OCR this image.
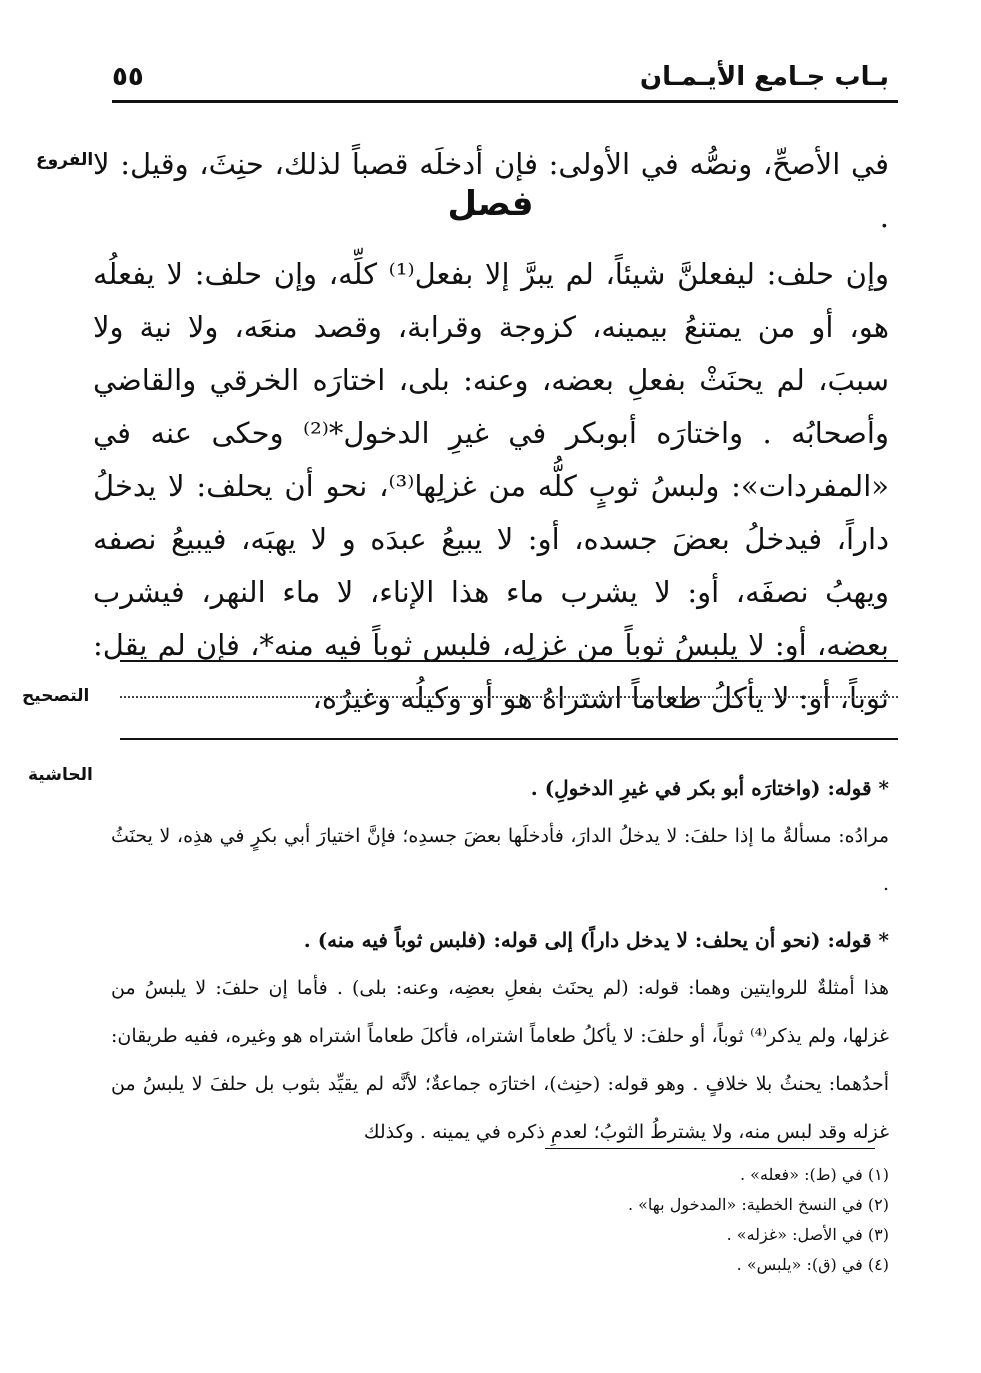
بـاب جـامع الأيـمـان
٥٥
الفروع
التصحيح
الحاشية

في الأصحِّ، ونصُّه في الأولى: فإن أدخلَه قصباً لذلك، حنِثَ، وقيل: لا .

فصل

وإن حلف: ليفعلنَّ شيئاً، لم يبرَّ إلا بفعل⁽¹⁾ كلِّه، وإن حلف: لا يفعلُه هو، أو من يمتنعُ بيمينه، كزوجة وقرابة، وقصد منعَه، ولا نية ولا سببَ، لم يحنَثْ بفعلِ بعضه، وعنه: بلى، اختارَه الخرقي والقاضي وأصحابُه . واختارَه أبوبكر في غيرِ الدخول*⁽²⁾ وحكى عنه في «المفردات»: ولبسُ ثوبٍ كلُّه من غزلِها⁽³⁾، نحو أن يحلف: لا يدخلُ داراً، فيدخلُ بعضَ جسده، أو: لا يبيعُ عبدَه و لا يهبَه، فيبيعُ نصفه ويهبُ نصفَه، أو: لا يشرب ماء هذا الإناء، لا ماء النهر، فيشرب بعضه، أو: لا يلبسُ ثوباً من غزلِه، فلبس ثوباً فيه منه*، فإن لم يقل: ثوباً، أو: لا يأكلُ طعاماً اشتراهُ هو أو وكيلُه وغيرُه،

* قوله: (واختارَه أبو بكر في غيرِ الدخولِ) .

مرادُه: مسألةُ ما إذا حلفَ: لا يدخلُ الدارَ، فأدخلَها بعضَ جسدِه؛ فإنَّ اختيارَ أبي بكرٍ في هذِه، لا يحنَثُ .

* قوله: (نحو أن يحلف: لا يدخل داراً) إلى قوله: (فلبس ثوباً فيه منه) .

هذا أمثلةٌ للروايتين وهما: قوله: (لم يحنَث بفعلِ بعضِه، وعنه: بلى) . فأما إن حلفَ: لا يلبسُ من غزلها، ولم يذكر⁽⁴⁾ ثوباً، أو حلفَ: لا يأكلُ طعاماً اشتراه، فأكلَ طعاماً اشتراه هو وغيره، ففيه طريقان: أحدُهما: يحنثُ بلا خلافٍ . وهو قوله: (حنِث)، اختارَه جماعةٌ؛ لأنَّه لم يقيِّد بثوب بل حلفَ لا يلبسُ من غزله وقد لبس منه، ولا يشترطُ الثوبُ؛ لعدمِ ذكره في يمينه . وكذلك

(١) في (ط): «فعله» .
(٢) في النسخ الخطية: «المدخول بها» .
(٣) في الأصل: «غزله» .
(٤) في (ق): «يلبس» .
